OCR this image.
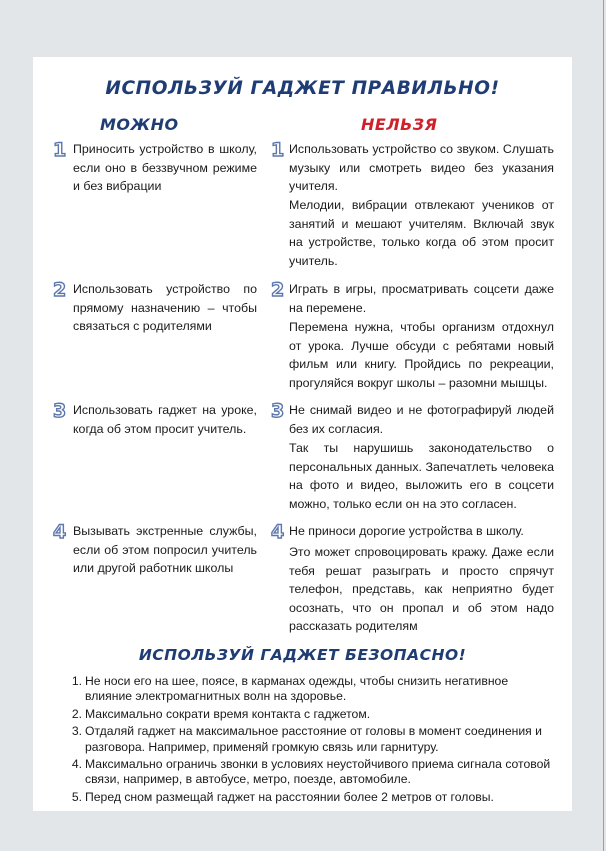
ИСПОЛЬЗУЙ ГАДЖЕТ ПРАВИЛЬНО!
МОЖНО	НЕЛЬЗЯ
1 Приносить устройство в школу, если оно в беззвучном режиме и без вибрации
2 Использовать устройство по прямому назначению – чтобы связаться с родителями
3 Использовать гаджет на уроке, когда об этом просит учитель.
4 Вызывать экстренные службы, если об этом попросил учитель или другой работник школы
1 Использовать устройство со звуком. Слушать музыку или смотреть видео без указания учителя.
Мелодии, вибрации отвлекают учеников от занятий и мешают учителям. Включай звук на устройстве, только когда об этом просит учитель.
2 Играть в игры, просматривать соцсети даже на перемене.
Перемена нужна, чтобы организм отдохнул от урока. Лучше обсуди с ребятами новый фильм или книгу. Пройдись по рекреации, прогуляйся вокруг школы – разомни мышцы.
3 Не снимай видео и не фотографируй людей без их согласия.
Так ты нарушишь законодательство о персональных данных. Запечатлеть человека на фото и видео, выложить его в соцсети можно, только если он на это согласен.
4 Не приноси дорогие устройства в школу.
Это может спровоцировать кражу. Даже если тебя решат разыграть и просто спрячут телефон, представь, как неприятно будет осознать, что он пропал и об этом надо рассказать родителям
ИСПОЛЬЗУЙ ГАДЖЕТ БЕЗОПАСНО!
1. Не носи его на шее, поясе, в карманах одежды, чтобы снизить негативное влияние электромагнитных волн на здоровье.
2. Максимально сократи время контакта с гаджетом.
3. Отдаляй гаджет на максимальное расстояние от головы в момент соединения и разговора. Например, применяй громкую связь или гарнитуру.
4. Максимально ограничь звонки в условиях неустойчивого приема сигнала сотовой связи, например, в автобусе, метро, поезде, автомобиле.
5. Перед сном размещай гаджет на расстоянии более 2 метров от головы.
